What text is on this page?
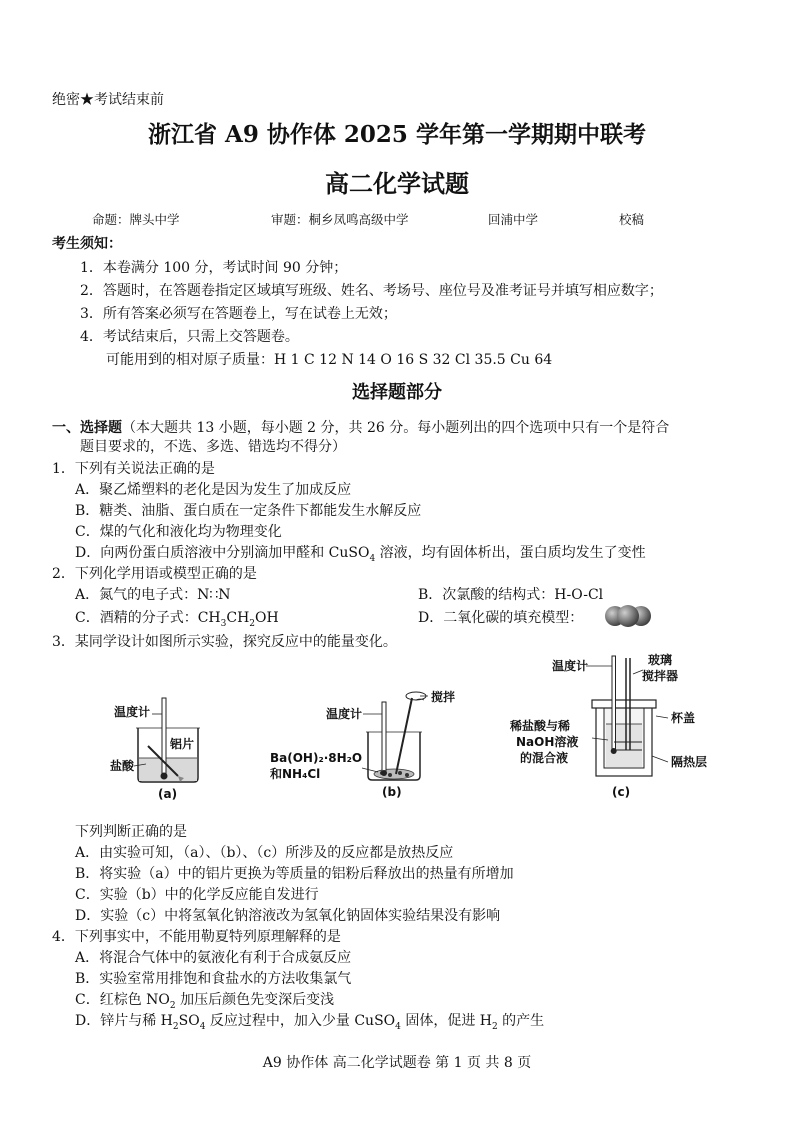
绝密★考试结束前
浙江省 A9 协作体 2025 学年第一学期期中联考
高二化学试题
命题：牌头中学	审题：桐乡凤鸣高级中学	回浦中学	校稿
考生须知：
1．本卷满分 100 分，考试时间 90 分钟；
2．答题时，在答题卷指定区域填写班级、姓名、考场号、座位号及准考证号并填写相应数字；
3．所有答案必须写在答题卷上，写在试卷上无效；
4．考试结束后，只需上交答题卷。
可能用到的相对原子质量：H 1 C 12 N 14 O 16 S 32 Cl 35.5 Cu 64
选择题部分
一、选择题（本大题共 13 小题，每小题 2 分，共 26 分。每小题列出的四个选项中只有一个是符合
题目要求的，不选、多选、错选均不得分）
1．下列有关说法正确的是
A．聚乙烯塑料的老化是因为发生了加成反应
B．糖类、油脂、蛋白质在一定条件下都能发生水解反应
C．煤的气化和液化均为物理变化
D．向两份蛋白质溶液中分别滴加甲醛和 CuSO$_4$ 溶液，均有固体析出，蛋白质均发生了变性
2．下列化学用语或模型正确的是
A．氮气的电子式：N∷N	B．次氯酸的结构式：H-O-Cl
C．酒精的分子式：$CH_3CH_2OH$	D．二氧化碳的填充模型：
3．某同学设计如图所示实验，探究反应中的能量变化。
温度计
铝片
盐酸
(a)
温度计
搅拌
Ba(OH)₂·8H₂O
和NH₄Cl
(b)
温度计	玻璃
搅拌器
稀盐酸与稀
NaOH溶液
的混合液
杯盖
隔热层
(c)
下列判断正确的是
A．由实验可知，（a）、（b）、（c）所涉及的反应都是放热反应
B．将实验（a）中的铝片更换为等质量的铝粉后释放出的热量有所增加
C．实验（b）中的化学反应能自发进行
D．实验（c）中将氢氧化钠溶液改为氢氧化钠固体实验结果没有影响
4．下列事实中，不能用勒夏特列原理解释的是
A．将混合气体中的氨液化有利于合成氨反应
B．实验室常用排饱和食盐水的方法收集氯气
C．红棕色 $NO_2$ 加压后颜色先变深后变浅
D．锌片与稀 $H_2SO_4$ 反应过程中，加入少量 CuSO$_4$ 固体，促进 $H_2$ 的产生
A9 协作体 高二化学试题卷 第 1 页 共 8 页
